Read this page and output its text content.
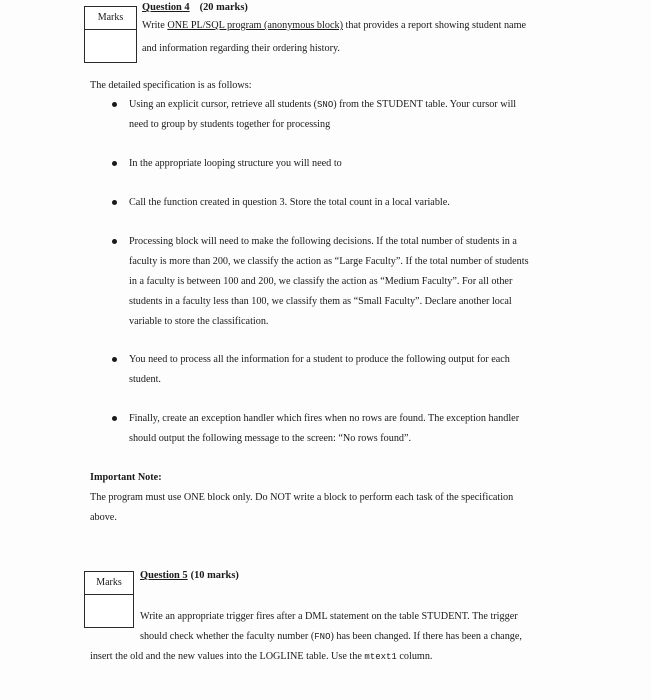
Marks
Question 4 (20 marks)
Write ONE PL/SQL program (anonymous block) that provides a report showing student name
and information regarding their ordering history.
The detailed specification is as follows:
Using an explicit cursor, retrieve all students (SNO) from the STUDENT table. Your cursor will
need to group by students together for processing
In the appropriate looping structure you will need to
Call the function created in question 3. Store the total count in a local variable.
Processing block will need to make the following decisions. If the total number of students in a
faculty is more than 200, we classify the action as “Large Faculty”. If the total number of students
in a faculty is between 100 and 200, we classify the action as “Medium Faculty”. For all other
students in a faculty less than 100, we classify them as “Small Faculty”. Declare another local
variable to store the classification.
You need to process all the information for a student to produce the following output for each
student.
Finally, create an exception handler which fires when no rows are found. The exception handler
should output the following message to the screen: “No rows found”.
Important Note:
The program must use ONE block only. Do NOT write a block to perform each task of the specification
above.
Marks
Question 5 (10 marks)
Write an appropriate trigger fires after a DML statement on the table STUDENT. The trigger
should check whether the faculty number (FNO) has been changed. If there has been a change,
insert the old and the new values into the LOGLINE table. Use the mtext1 column.
